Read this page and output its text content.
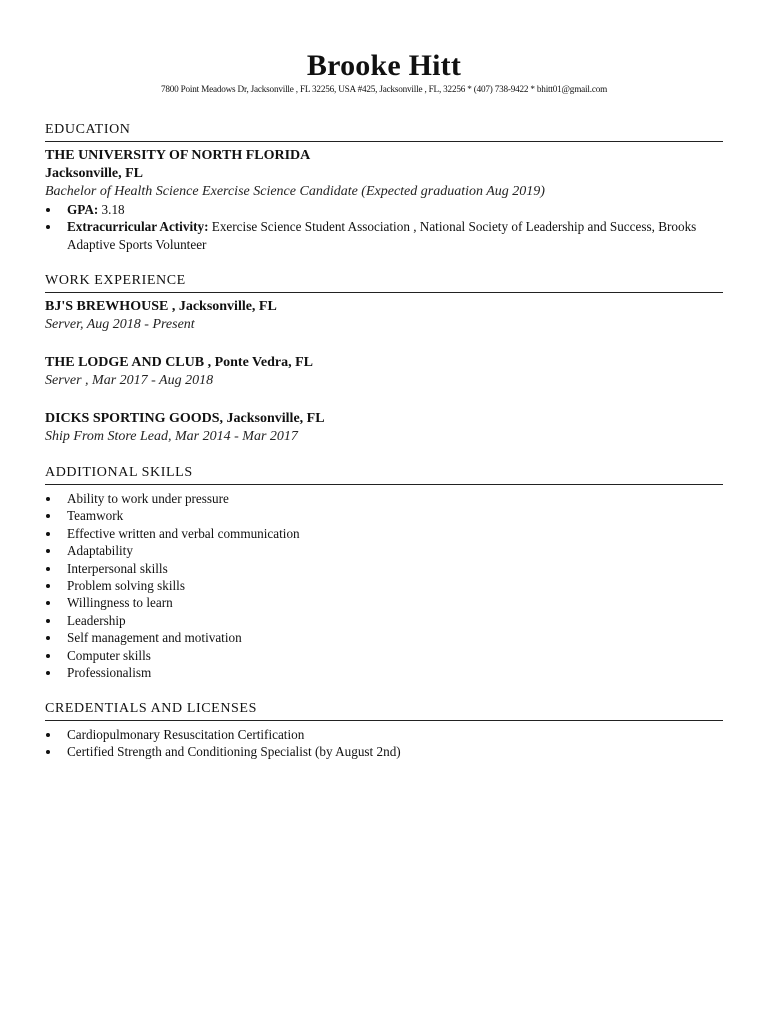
Brooke Hitt
7800 Point Meadows Dr, Jacksonville , FL 32256, USA #425, Jacksonville , FL, 32256 * (407) 738-9422 * bhitt01@gmail.com
EDUCATION
THE UNIVERSITY OF NORTH FLORIDA
Jacksonville, FL
Bachelor of Health Science Exercise Science Candidate (Expected graduation Aug 2019)
GPA: 3.18
Extracurricular Activity: Exercise Science Student Association , National Society of Leadership and Success, Brooks Adaptive Sports Volunteer
WORK EXPERIENCE
BJ'S BREWHOUSE , Jacksonville, FL
Server, Aug 2018 - Present
THE LODGE AND CLUB , Ponte Vedra, FL
Server , Mar 2017 - Aug 2018
DICKS SPORTING GOODS, Jacksonville, FL
Ship From Store Lead, Mar 2014 - Mar 2017
ADDITIONAL SKILLS
Ability to work under pressure
Teamwork
Effective written and verbal communication
Adaptability
Interpersonal skills
Problem solving skills
Willingness to learn
Leadership
Self management and motivation
Computer skills
Professionalism
CREDENTIALS AND LICENSES
Cardiopulmonary Resuscitation Certification
Certified Strength and Conditioning Specialist (by August 2nd)
